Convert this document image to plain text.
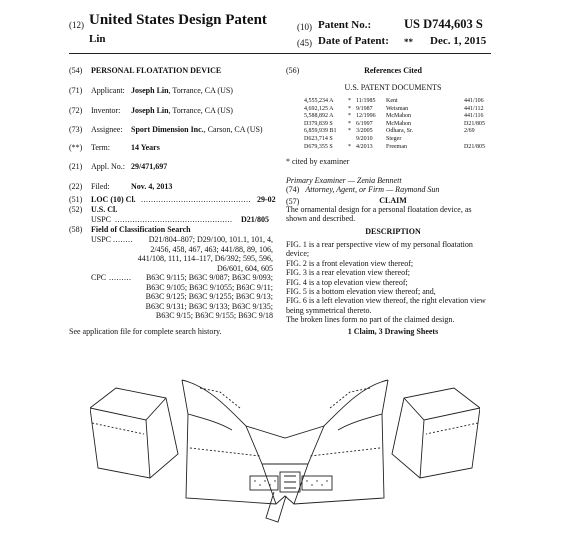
(12) United States Design Patent
Lin
(10) Patent No.:	US D744,603 S
(45) Date of Patent: ** Dec. 1, 2015
(54) PERSONAL FLOATATION DEVICE
(71) Applicant: Joseph Lin, Torrance, CA (US)
(72) Inventor: Joseph Lin, Torrance, CA (US)
(73) Assignee: Sport Dimension Inc., Carson, CA (US)
(**) Term:	14 Years
(21) Appl. No.: 29/471,697
(22) Filed:	Nov. 4, 2013
(51) LOC (10) Cl. ............................................ 29-02
(52) U.S. Cl.
USPC ...............................................	D21/805
(58) Field of Classification Search
USPC ........	D21/804–807; D29/100, 101.1, 101, 4,
2/456, 458, 467, 463; 441/88, 89, 106,
441/108, 111, 114–117, D6/392; 595, 596,
D6/601, 604, 605
CPC .........	B63C 9/115; B63C 9/087; B63C 9/093;
B63C 9/105; B63C 9/1055; B63C 9/11;
B63C 9/125; B63C 9/1255; B63C 9/13;
B63C 9/131; B63C 9/133; B63C 9/135;
B63C 9/15; B63C 9/155; B63C 9/18
See application file for complete search history.
(56)	References Cited
U.S. PATENT DOCUMENTS
4,555,234 A * 11/1985 Kent	441/106
4,692,125 A * 9/1987 Weisman	441/112
5,588,892 A * 12/1996 McMahon	441/116
D379,839 S	* 6/1997 McMahon	D21/805
6,859,939 B1 * 3/2005 Odhara, Sr.	2/69
D623,714 S	9/2010 Steger
D679,355 S	* 4/2013 Freeman	D21/805
* cited by examiner
Primary Examiner — Zenia Bennett
(74) Attorney, Agent, or Firm — Raymond Sun
(57)	CLAIM
The ornamental design for a personal floatation device, as
shown and described.
DESCRIPTION
FIG. 1 is a rear perspective view of my personal floatation
device;
FIG. 2 is a front elevation view thereof;
FIG. 3 is a rear elevation view thereof;
FIG. 4 is a top elevation view thereof;
FIG. 5 is a bottom elevation view thereof; and,
FIG. 6 is a left elevation view thereof, the right elevation view
being symmetrical thereto.
The broken lines form no part of the claimed design.
1 Claim, 3 Drawing Sheets
